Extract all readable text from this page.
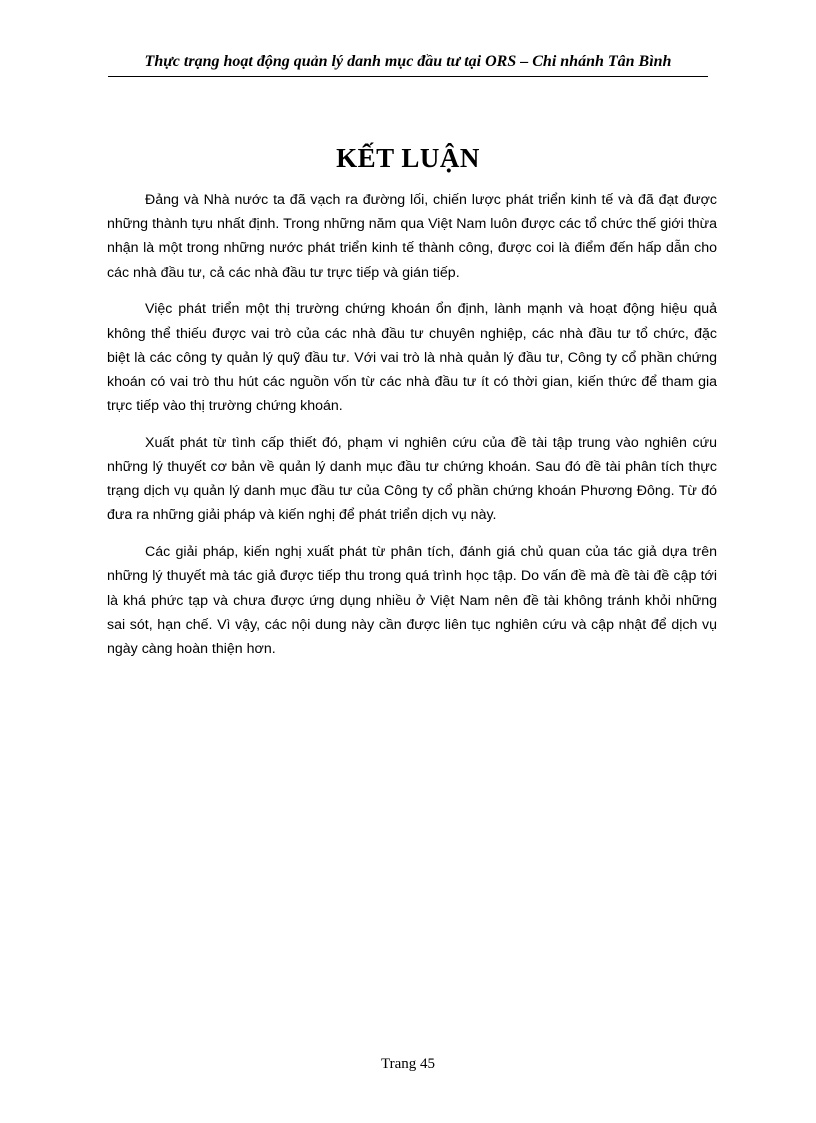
Thực trạng hoạt động quản lý danh mục đầu tư tại ORS – Chi nhánh Tân Bình
KẾT LUẬN

Đảng và Nhà nước ta đã vạch ra đường lối, chiến lược phát triển kinh tế và đã đạt được những thành tựu nhất định. Trong những năm qua Việt Nam luôn được các tổ chức thế giới thừa nhận là một trong những nước phát triển kinh tế thành công, được coi là điểm đến hấp dẫn cho các nhà đầu tư, cả các nhà đầu tư trực tiếp và gián tiếp.

Việc phát triển một thị trường chứng khoán ổn định, lành mạnh và hoạt động hiệu quả không thể thiếu được vai trò của các nhà đầu tư chuyên nghiệp, các nhà đầu tư tổ chức, đặc biệt là các công ty quản lý quỹ đầu tư. Với vai trò là nhà quản lý đầu tư, Công ty cổ phần chứng khoán có vai trò thu hút các nguồn vốn từ các nhà đầu tư ít có thời gian, kiến thức để tham gia trực tiếp vào thị trường chứng khoán.

Xuất phát từ tình cấp thiết đó, phạm vi nghiên cứu của đề tài tập trung vào nghiên cứu những lý thuyết cơ bản về quản lý danh mục đầu tư chứng khoán. Sau đó đề tài phân tích thực trạng dịch vụ quản lý danh mục đầu tư của Công ty cổ phần chứng khoán Phương Đông. Từ đó đưa ra những giải pháp và kiến nghị để phát triển dịch vụ này.

Các giải pháp, kiến nghị xuất phát từ phân tích, đánh giá chủ quan của tác giả dựa trên những lý thuyết mà tác giả được tiếp thu trong quá trình học tập. Do vấn đề mà đề tài đề cập tới là khá phức tạp và chưa được ứng dụng nhiều ở Việt Nam nên đề tài không tránh khỏi những sai sót, hạn chế. Vì vậy, các nội dung này cần được liên tục nghiên cứu và cập nhật để dịch vụ ngày càng hoàn thiện hơn.

Trang 45
